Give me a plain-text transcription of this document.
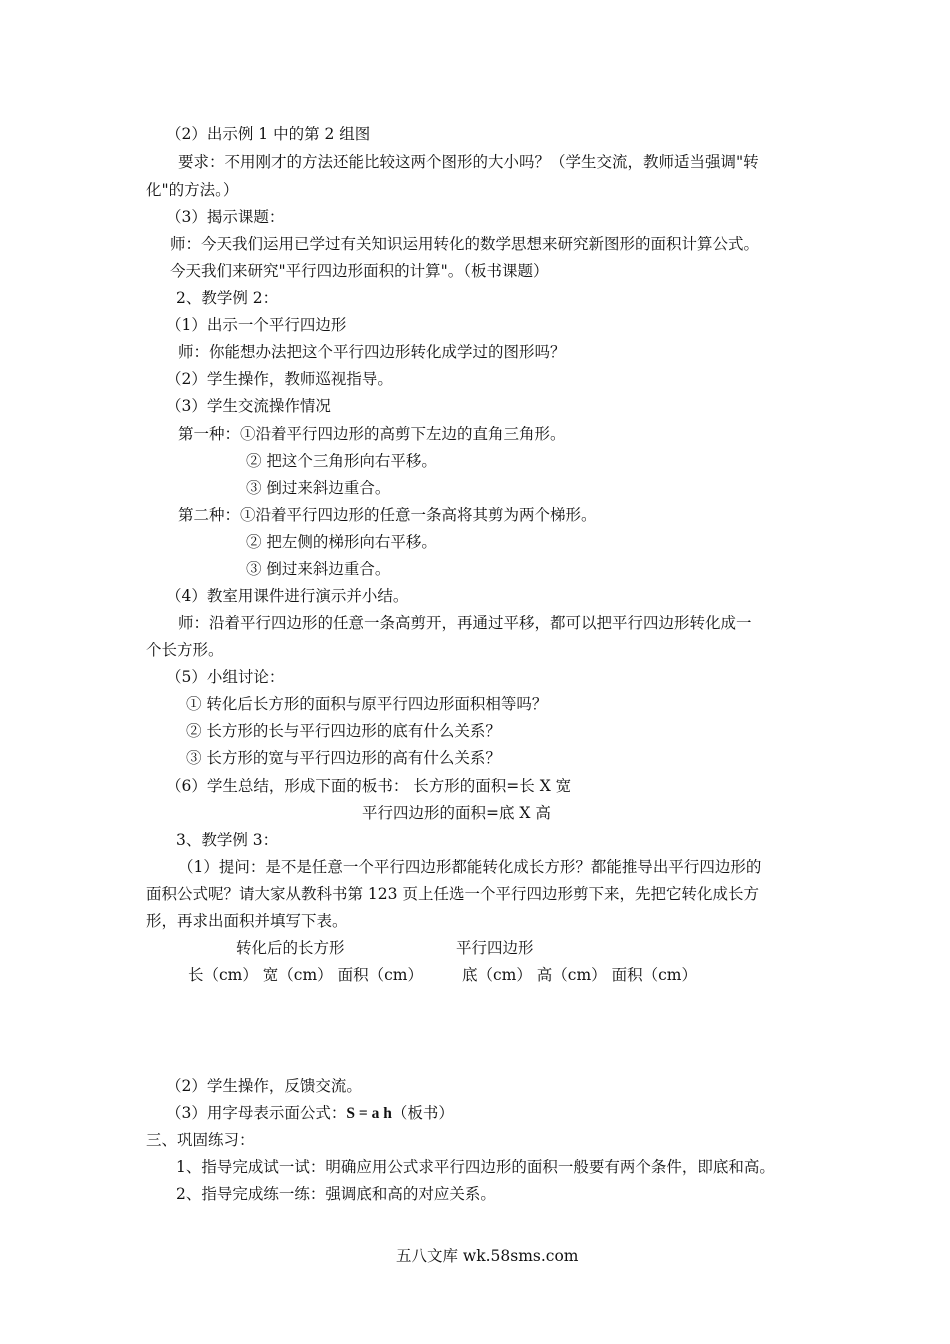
（2）出示例 1 中的第 2 组图
要求：不用刚才的方法还能比较这两个图形的大小吗？（学生交流，教师适当强调"转
化"的方法。）
（3）揭示课题：
师：今天我们运用已学过有关知识运用转化的数学思想来研究新图形的面积计算公式。
今天我们来研究"平行四边形面积的计算"。（板书课题）
2、教学例 2：
（1）出示一个平行四边形
师：你能想办法把这个平行四边形转化成学过的图形吗？
（2）学生操作，教师巡视指导。
（3）学生交流操作情况
第一种：①沿着平行四边形的高剪下左边的直角三角形。
② 把这个三角形向右平移。
③ 倒过来斜边重合。
第二种：①沿着平行四边形的任意一条高将其剪为两个梯形。
② 把左侧的梯形向右平移。
③ 倒过来斜边重合。
（4）教室用课件进行演示并小结。
师：沿着平行四边形的任意一条高剪开，再通过平移，都可以把平行四边形转化成一
个长方形。
（5）小组讨论：
① 转化后长方形的面积与原平行四边形面积相等吗？
② 长方形的长与平行四边形的底有什么关系？
③ 长方形的宽与平行四边形的高有什么关系？
（6）学生总结，形成下面的板书： 长方形的面积=长 X 宽
平行四边形的面积=底 X 高
3、教学例 3：
（1）提问：是不是任意一个平行四边形都能转化成长方形？都能推导出平行四边形的
面积公式呢？请大家从教科书第 123 页上任选一个平行四边形剪下来，先把它转化成长方
形，再求出面积并填写下表。
转化后的长方形	平行四边形
长（cm） 宽（cm） 面积（cm）	底（cm） 高（cm） 面积（cm）
（2）学生操作，反馈交流。
（3）用字母表示面公式：S = a h（板书）
三、巩固练习：
1、指导完成试一试：明确应用公式求平行四边形的面积一般要有两个条件，即底和高。
2、指导完成练一练：强调底和高的对应关系。
五八文库 wk.58sms.com
